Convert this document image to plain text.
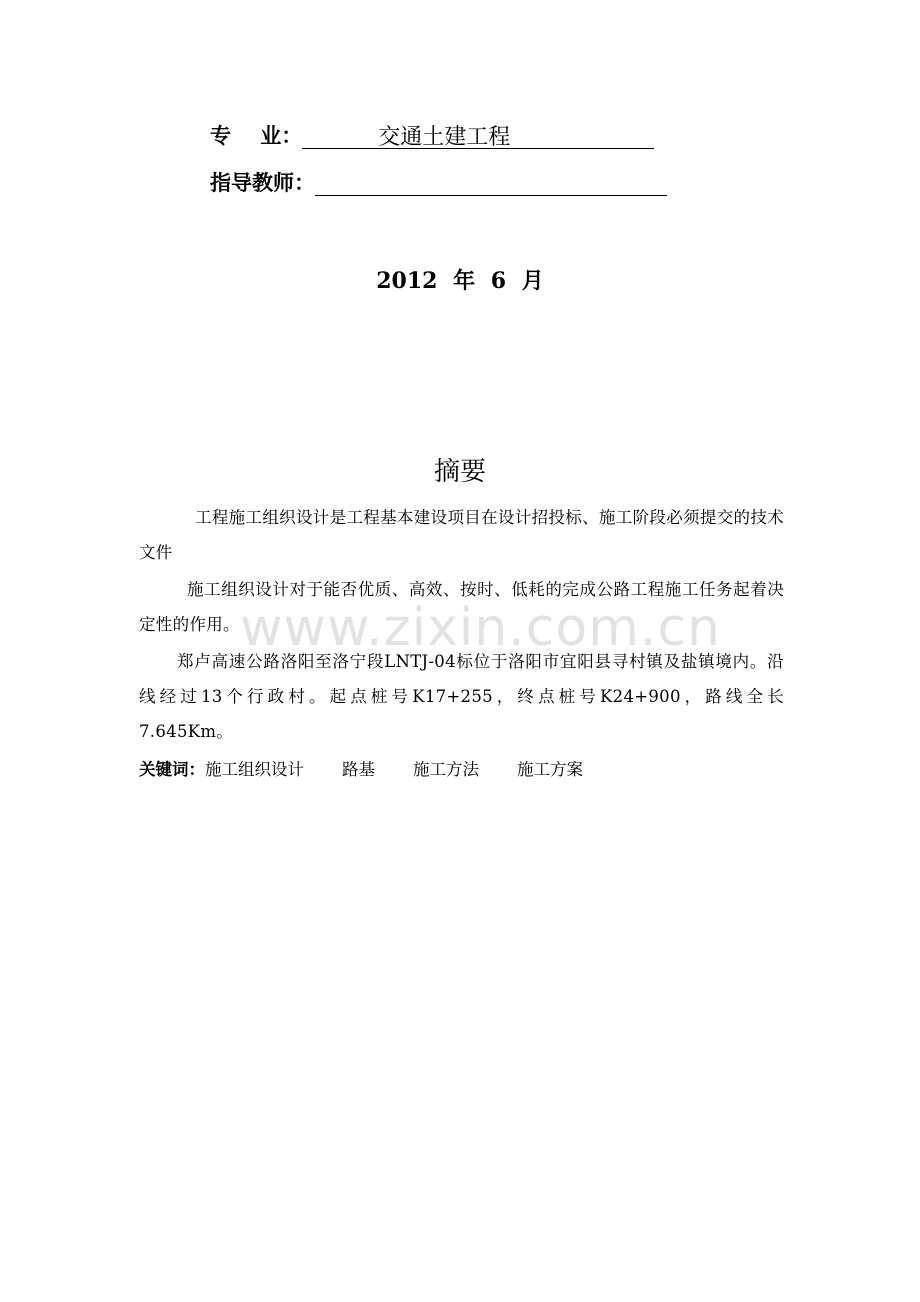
专    业：	交通土建工程
指导教师：
2012 年 6 月
摘要
工程施工组织设计是工程基本建设项目在设计招投标、施工阶段必须提交的技术文件
施工组织设计对于能否优质、高效、按时、低耗的完成公路工程施工任务起着决定性的作用。
郑卢高速公路洛阳至洛宁段LNTJ-04标位于洛阳市宜阳县寻村镇及盐镇境内。沿线经过13个行政村。起点桩号K17+255，终点桩号K24+900，路线全长7.645Km。
关键词： 施工组织设计 路基 施工方法 施工方案
www.zixin.com.cn
